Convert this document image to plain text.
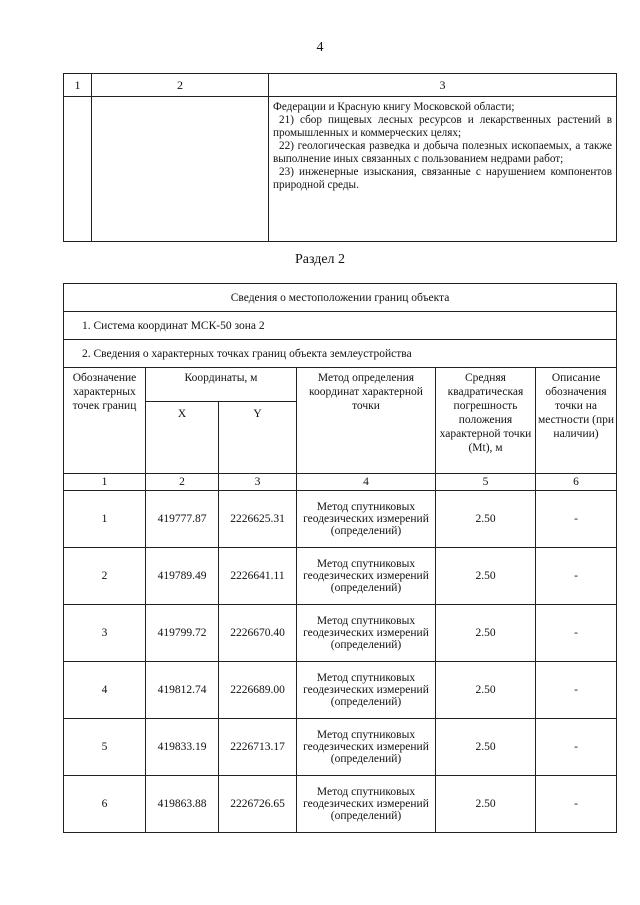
4
1	2	3

		Федерации и Красную книгу Московской области;

21) сбор пищевых лесных ресурсов и лекарственных растений в промышленных и коммерческих целях;

22) геологическая разведка и добыча полезных ископаемых, а также выполнение иных связанных с пользованием недрами работ;

23) инженерные изыскания, связанные с нарушением компонентов природной среды.

Раздел 2
Сведения о местоположении границ объекта					
1. Система координат МСК-50 зона 2					
2. Сведения о характерных точках границ объекта землеустройства					
Обозначение характерных точек границ	Координаты, м		Метод определения координат характерной точки	Средняя квадратическая погрешность положения характерной точки (Мt), м	Описание обозначения точки на местности (при наличии)
	X	Y			
1	2	3	4	5	6
1	419777.87	2226625.31	Метод спутниковых геодезических измерений (определений)	2.50	-
2	419789.49	2226641.11	Метод спутниковых геодезических измерений (определений)	2.50	-
3	419799.72	2226670.40	Метод спутниковых геодезических измерений (определений)	2.50	-
4	419812.74	2226689.00	Метод спутниковых геодезических измерений (определений)	2.50	-
5	419833.19	2226713.17	Метод спутниковых геодезических измерений (определений)	2.50	-
6	419863.88	2226726.65	Метод спутниковых геодезических измерений (определений)	2.50	-
